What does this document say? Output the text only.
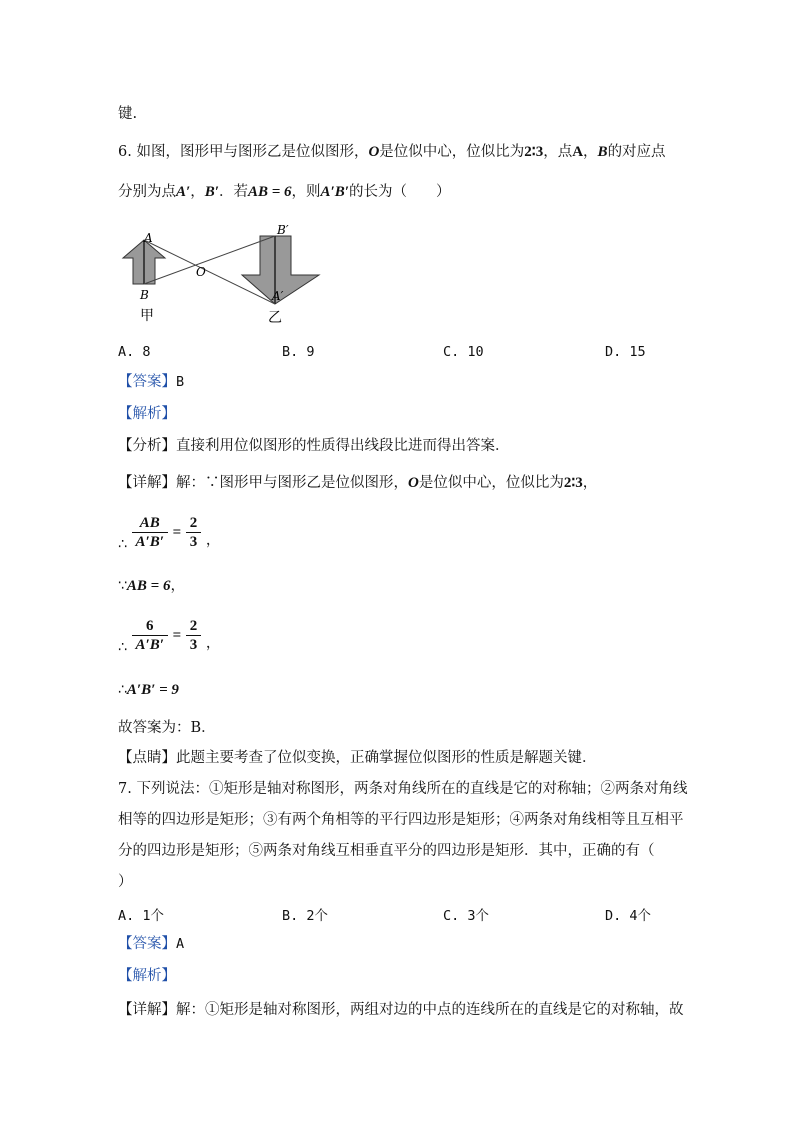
键.
6. 如图，图形甲与图形乙是位似图形，O是位似中心，位似比为2∶3，点A，B的对应点
分别为点A′，B′．若AB = 6，则A′B′的长为（　　）
A
B
O
A′
B′
甲	乙
A. 8	B. 9	C. 10	D. 15
【答案】B
【解析】
【分析】直接利用位似图形的性质得出线段比进而得出答案．
【详解】解：∵图形甲与图形乙是位似图形，O是位似中心，位似比为2∶3，
∴ $\frac{AB}{A'B'} = \frac{2}{3}$ ，
∵AB = 6，
∴ $\frac{6}{A'B'} = \frac{2}{3}$ ，
∴A′B′ = 9
故答案为：B．
【点睛】此题主要考查了位似变换，正确掌握位似图形的性质是解题关键．
7. 下列说法：①矩形是轴对称图形，两条对角线所在的直线是它的对称轴；②两条对角线
相等的四边形是矩形；③有两个角相等的平行四边形是矩形；④两条对角线相等且互相平
分的四边形是矩形；⑤两条对角线互相垂直平分的四边形是矩形．其中，正确的有（
）
A. 1个	B. 2个	C. 3个	D. 4个
【答案】A
【解析】
【详解】解：①矩形是轴对称图形，两组对边的中点的连线所在的直线是它的对称轴，故
